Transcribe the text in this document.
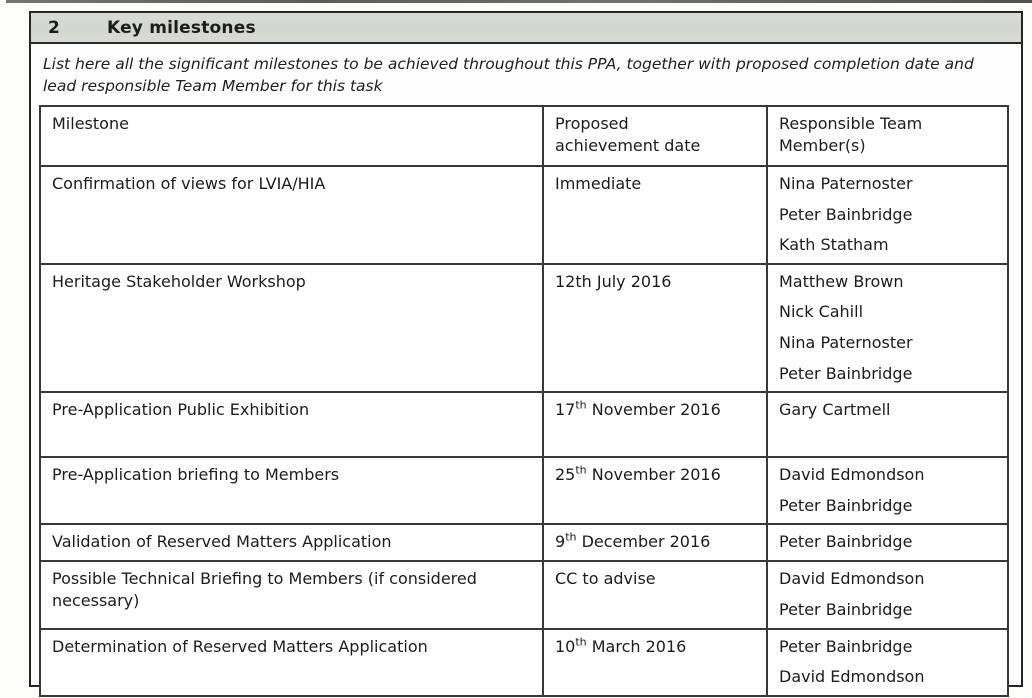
2	Key milestones
List here all the significant milestones to be achieved throughout this PPA, together with proposed completion date and lead responsible Team Member for this task
Milestone	Proposed achievement date	Responsible Team Member(s)
Confirmation of views for LVIA/HIA	Immediate	Nina Paternoster
Peter Bainbridge
Kath Statham

Heritage Stakeholder Workshop	12th July 2016	Matthew Brown
Nick Cahill
Nina Paternoster
Peter Bainbridge

Pre-Application Public Exhibition	17th November 2016	Gary Cartmell

Pre-Application briefing to Members	25th November 2016	David Edmondson
Peter Bainbridge

Validation of Reserved Matters Application	9th December 2016	Peter Bainbridge

Possible Technical Briefing to Members (if considered necessary)	CC to advise	David Edmondson
Peter Bainbridge

Determination of Reserved Matters Application	10th March 2016	Peter Bainbridge
David Edmondson
